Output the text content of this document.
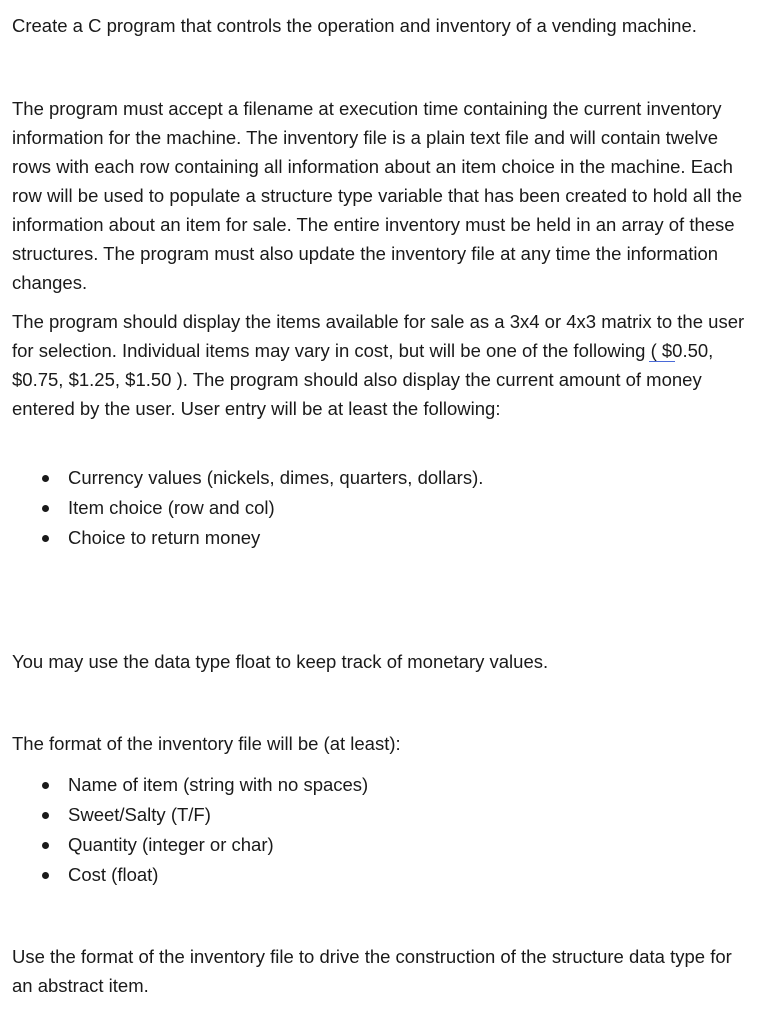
Create a C program that controls the operation and inventory of a vending machine.

The program must accept a filename at execution time containing the current inventory information for the machine. The inventory file is a plain text file and will contain twelve rows with each row containing all information about an item choice in the machine. Each row will be used to populate a structure type variable that has been created to hold all the information about an item for sale. The entire inventory must be held in an array of these structures. The program must also update the inventory file at any time the information changes.

The program should display the items available for sale as a 3x4 or 4x3 matrix to the user for selection. Individual items may vary in cost, but will be one of the following ( $
0.50, $0.75, $1.25, $1.50 ). The program should also display the current amount of money entered by the user. User entry will be at least the following:

Currency values (nickels, dimes, quarters, dollars).
Item choice (row and col)
Choice to return money

You may use the data type float to keep track of monetary values.

The format of the inventory file will be (at least):

Name of item (string with no spaces)
Sweet/Salty (T/F)
Quantity (integer or char)
Cost (float)

Use the format of the inventory file to drive the construction of the structure data type for an abstract item.
